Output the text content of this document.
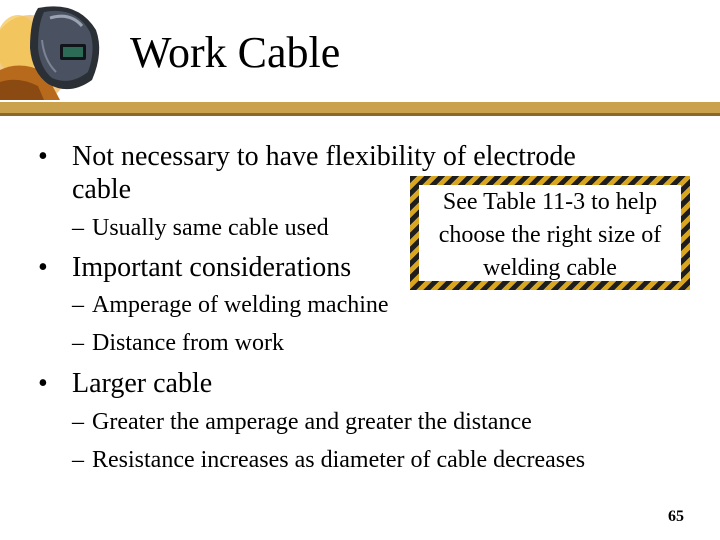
Work Cable
• Not necessary to have flexibility of electrode
cable
– Usually same cable used
• Important considerations
– Amperage of welding machine
– Distance from work
• Larger cable
– Greater the amperage and greater the distance
– Resistance increases as diameter of cable decreases
See Table 11-3 to help
choose the right size of
welding cable
65
